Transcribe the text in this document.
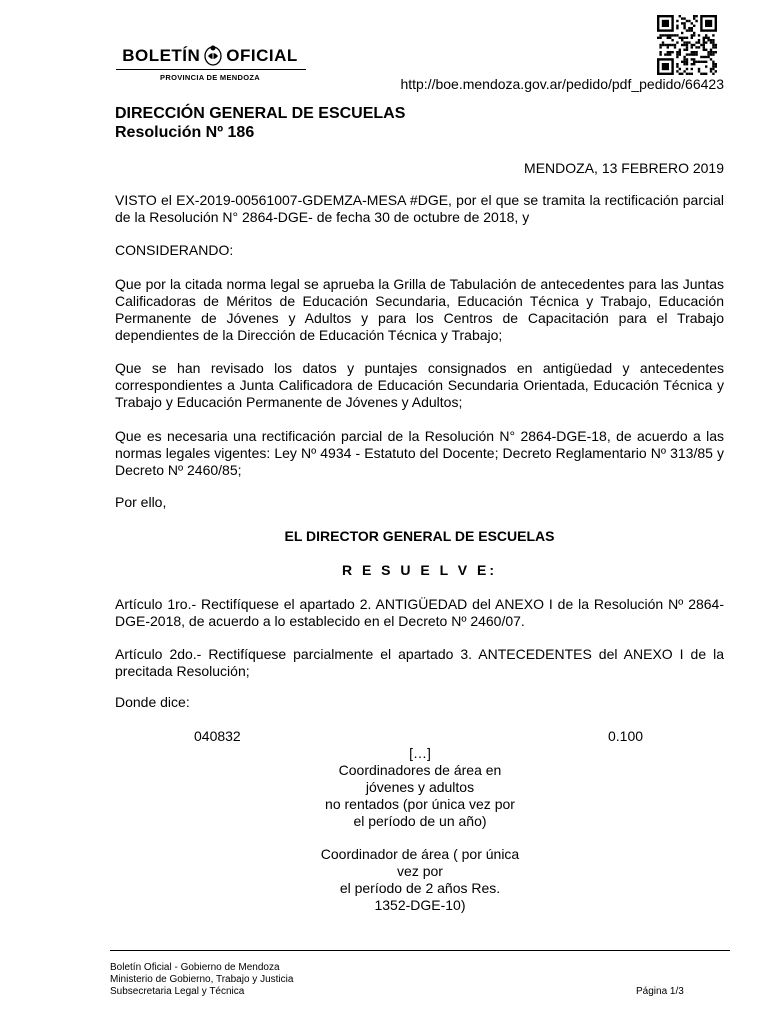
BOLETÍN OFICIAL
PROVINCIA DE MENDOZA	http://boe.mendoza.gov.ar/pedido/pdf_pedido/66423
DIRECCIÓN GENERAL DE ESCUELAS
Resolución Nº 186
MENDOZA, 13 FEBRERO 2019
VISTO el EX-2019-00561007-GDEMZA-MESA #DGE, por el que se tramita la rectificación parcial de la Resolución N° 2864-DGE- de fecha 30 de octubre de 2018, y
CONSIDERANDO:
Que por la citada norma legal se aprueba la Grilla de Tabulación de antecedentes para las Juntas Calificadoras de Méritos de Educación Secundaria, Educación Técnica y Trabajo, Educación Permanente de Jóvenes y Adultos y para los Centros de Capacitación para el Trabajo dependientes de la Dirección de Educación Técnica y Trabajo;
Que se han revisado los datos y puntajes consignados en antigüedad y antecedentes correspondientes a Junta Calificadora de Educación Secundaria Orientada, Educación Técnica y Trabajo y Educación Permanente de Jóvenes y Adultos;
Que es necesaria una rectificación parcial de la Resolución N° 2864-DGE-18, de acuerdo a las normas legales vigentes: Ley Nº 4934 - Estatuto del Docente; Decreto Reglamentario Nº 313/85 y Decreto Nº 2460/85;
Por ello,
EL DIRECTOR GENERAL DE ESCUELAS
R E S U E L V E:
Artículo 1ro.- Rectifíquese el apartado 2. ANTIGÜEDAD del ANEXO I de la Resolución Nº 2864-DGE-2018, de acuerdo a lo establecido en el Decreto Nº 2460/07.
Artículo 2do.- Rectifíquese parcialmente el apartado 3. ANTECEDENTES del ANEXO I de la precitada Resolución;
Donde dice:
040832	0.100
[…]
Coordinadores de área en
jóvenes y adultos
no rentados (por única vez por
el período de un año)
Coordinador de área ( por única
vez por
el período de 2 años Res.
1352-DGE-10)
Boletín Oficial - Gobierno de Mendoza
Ministerio de Gobierno, Trabajo y Justicia
Subsecretaria Legal y Técnica	Página 1/3
